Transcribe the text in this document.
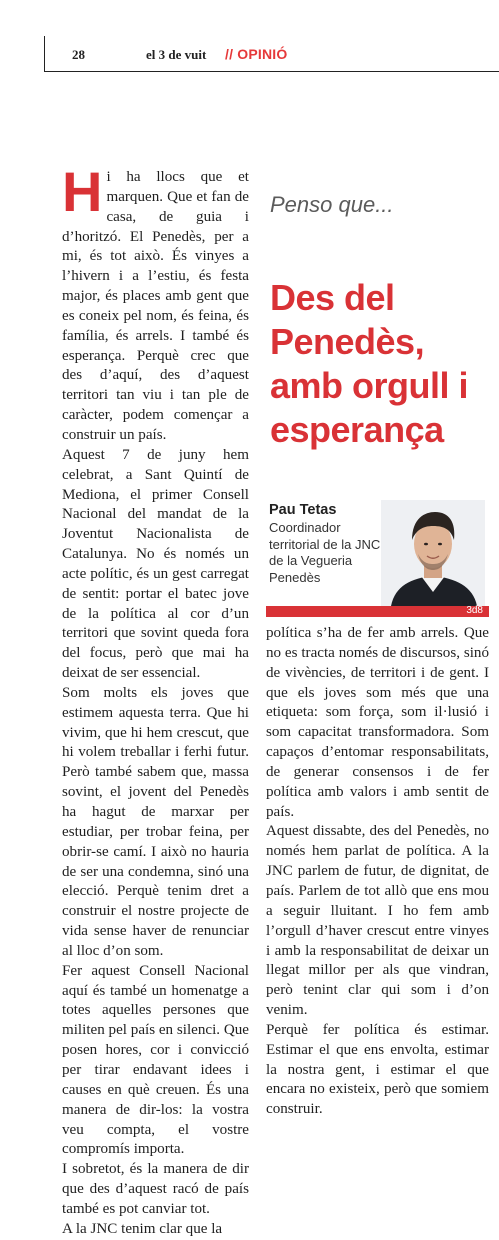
28	el 3 de vuit // OPINIÓ

Hi ha llocs que et marquen. Que et fan de casa, de guia i d’horitzó. El Penedès, per a mi, és tot això. És vinyes a l’hivern i a l’estiu, és festa major, és places amb gent que es coneix pel nom, és feina, és família, és arrels. I també és esperança. Perquè crec que des d’aquí, des d’aquest territori tan viu i tan ple de caràcter, podem començar a construir un país.

Aquest 7 de juny hem celebrat, a Sant Quintí de Mediona, el primer Consell Nacional del mandat de la Joventut Nacionalista de Catalunya. No és només un acte polític, és un gest carregat de sentit: portar el batec jove de la política al cor d’un territori que sovint queda fora del focus, però que mai ha deixat de ser essencial.

Som molts els joves que estimem aquesta terra. Que hi vivim, que hi hem crescut, que hi volem treballar i ferhi futur. Però també sabem que, massa sovint, el jovent del Penedès ha hagut de marxar per estudiar, per trobar feina, per obrir-se camí. I això no hauria de ser una condemna, sinó una elecció. Perquè tenim dret a construir el nostre projecte de vida sense haver de renunciar al lloc d’on som.

Fer aquest Consell Nacional aquí és també un homenatge a totes aquelles persones que militen pel país en silenci. Que posen hores, cor i convicció per tirar endavant idees i causes en què creuen. És una manera de dir-los: la vostra veu compta, el vostre compromís importa.

I sobretot, és la manera de dir que des d’aquest racó de país també es pot canviar tot.

A la JNC tenim clar que la

Penso que...
Des del Penedès, amb orgull i esperança
Pau Tetas
Coordinador territorial de la JNC de la Vegueria Penedès
3d8

política s’ha de fer amb arrels. Que no es tracta només de discursos, sinó de vivències, de territori i de gent. I que els joves som més que una etiqueta: som força, som il·lusió i som capacitat transformadora. Som capaços d’entomar responsabilitats, de generar consensos i de fer política amb valors i amb sentit de país.

Aquest dissabte, des del Penedès, no només hem parlat de política. A la JNC parlem de futur, de dignitat, de país. Parlem de tot allò que ens mou a seguir lluitant. I ho fem amb l’orgull d’haver crescut entre vinyes i amb la responsabilitat de deixar un llegat millor per als que vindran, però tenint clar qui som i d’on venim.

Perquè fer política és estimar. Estimar el que ens envolta, estimar la nostra gent, i estimar el que encara no existeix, però que somiem construir.
